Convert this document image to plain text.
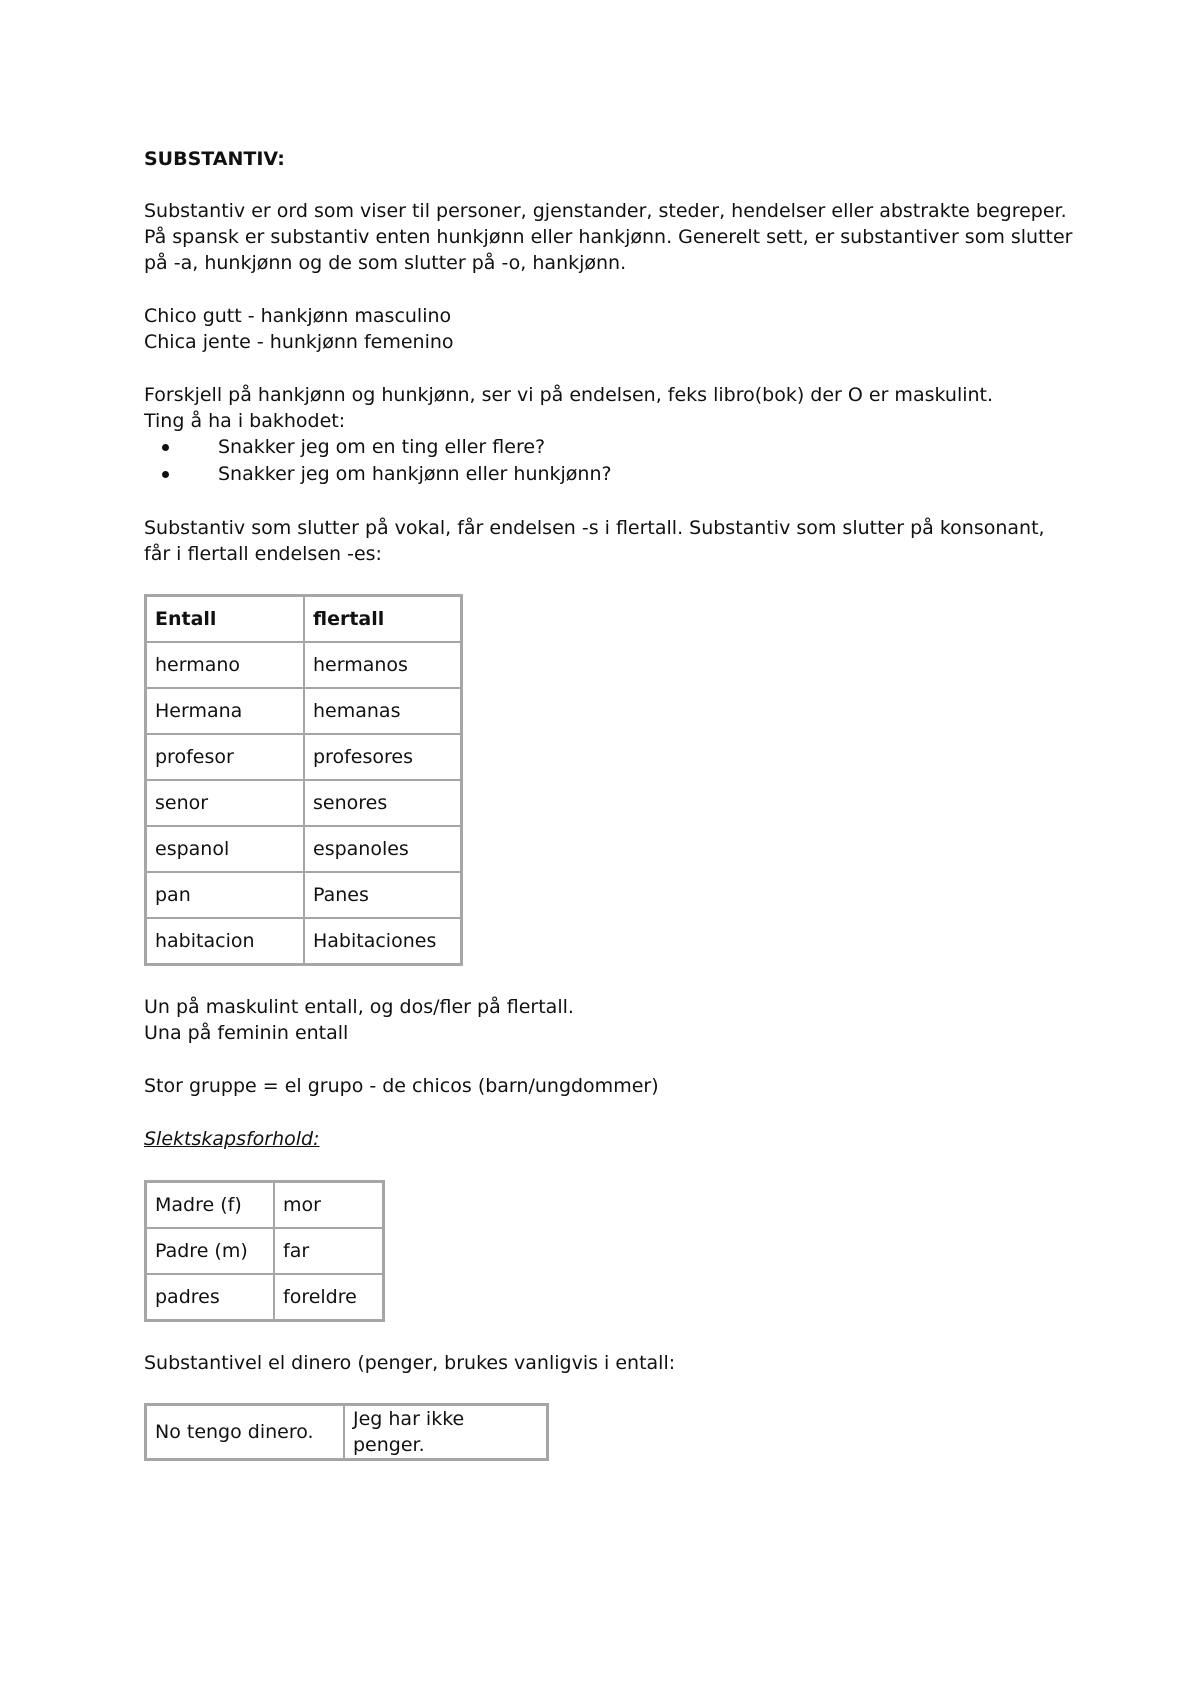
SUBSTANTIV:

Substantiv er ord som viser til personer, gjenstander, steder, hendelser eller abstrakte begreper. På spansk er substantiv enten hunkjønn eller hankjønn. Generelt sett, er substantiver som slutter på -a, hunkjønn og de som slutter på -o, hankjønn.

Chico gutt - hankjønn masculino

Chica jente - hunkjønn femenino

Forskjell på hankjønn og hunkjønn, ser vi på endelsen, feks libro(bok) der O er maskulint.

Ting å ha i bakhodet:

Snakker jeg om en ting eller flere?
Snakker jeg om hankjønn eller hunkjønn?

Substantiv som slutter på vokal, får endelsen -s i flertall. Substantiv som slutter på konsonant, får i flertall endelsen -es:

Entall	flertall
hermano	hermanos
Hermana	hemanas
profesor	profesores
senor	senores
espanol	espanoles
pan	Panes
habitacion	Habitaciones

Un på maskulint entall, og dos/fler på flertall.

Una på feminin entall

Stor gruppe = el grupo - de chicos (barn/ungdommer)

Slektskapsforhold:

Madre (f)	mor
Padre (m)	far
padres	foreldre

Substantivel el dinero (penger, brukes vanligvis i entall:

No tengo dinero.	Jeg har ikke penger.
